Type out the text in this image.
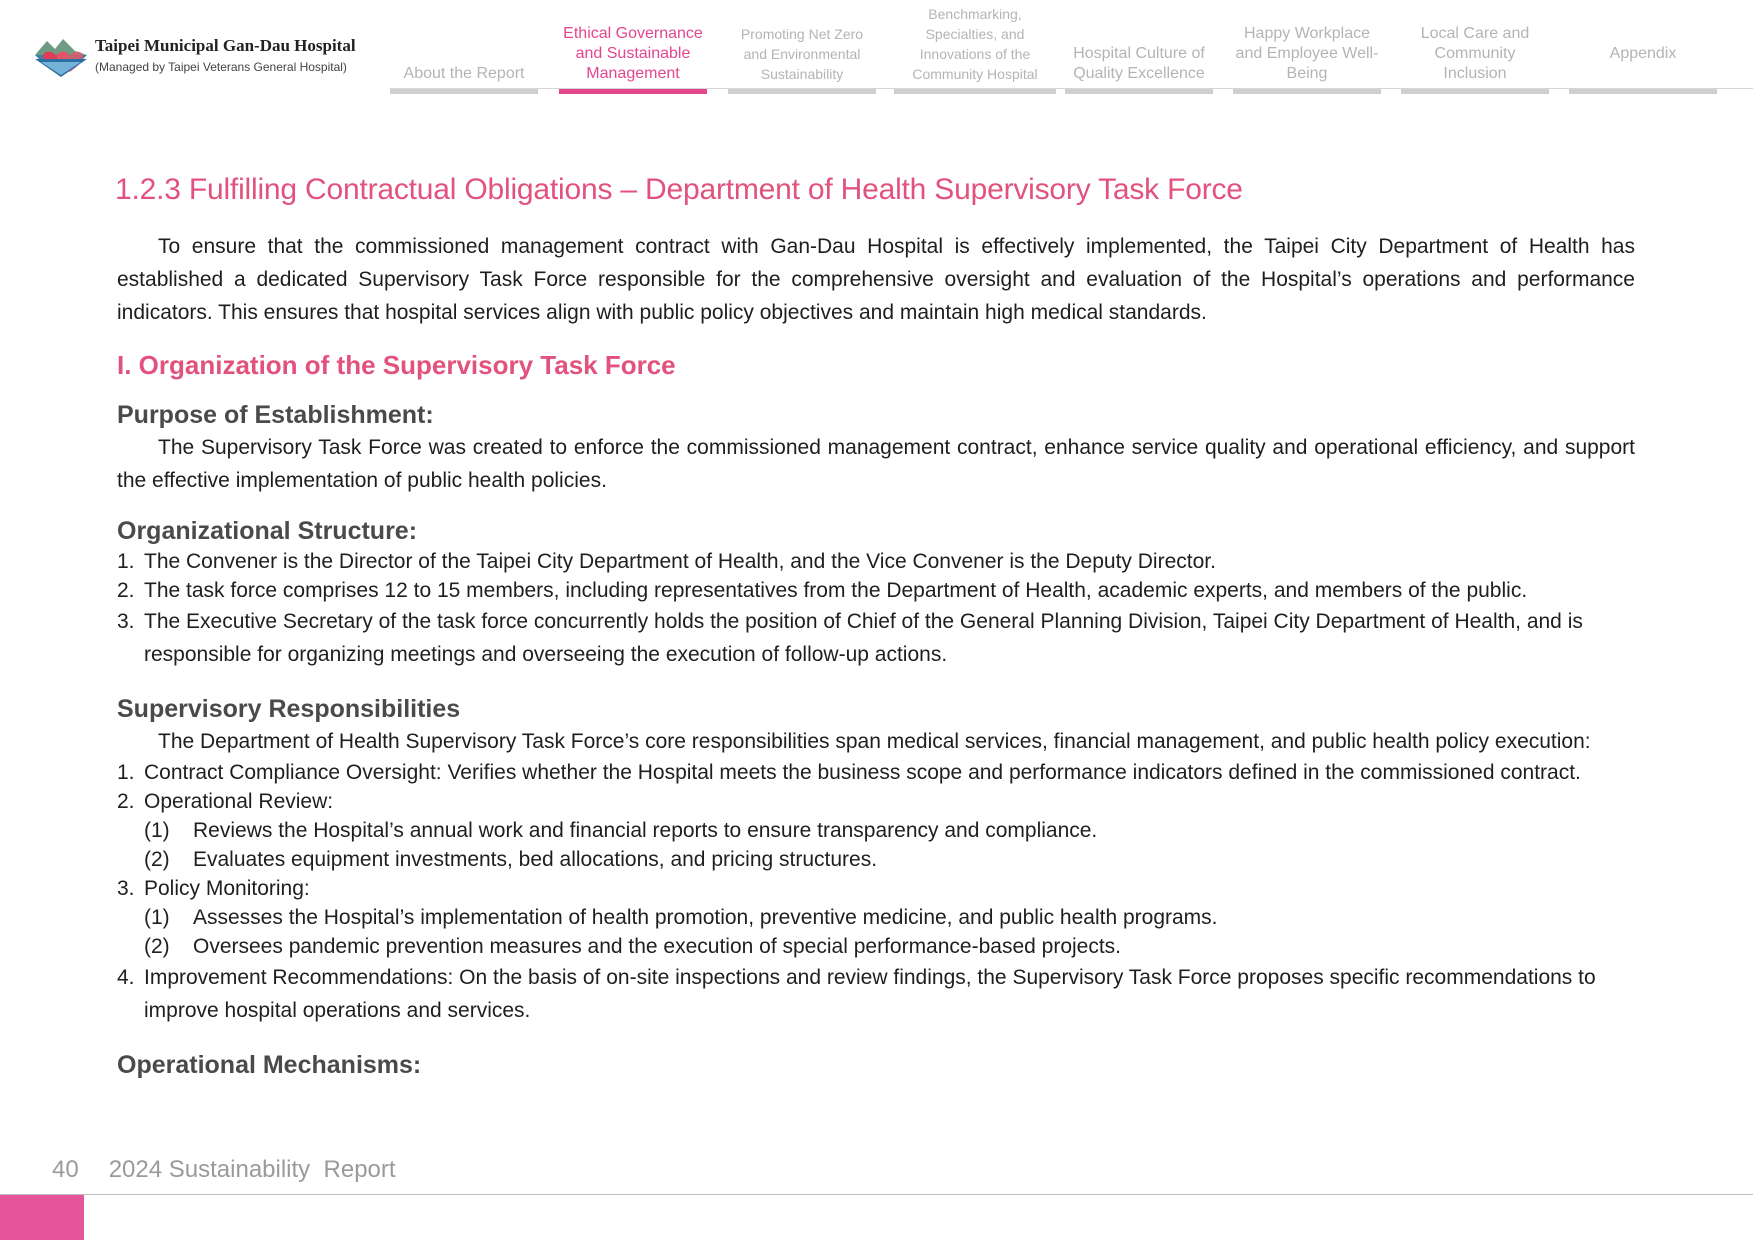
Taipei Municipal Gan-Dau Hospital
(Managed by Taipei Veterans General Hospital)	About the Report
Ethical Governance and Sustainable Management
Promoting Net Zero and Environmental Sustainability
Benchmarking, Specialties, and Innovations of the Community Hospital
Hospital Culture of Quality Excellence
Happy Workplace and Employee Well-Being
Local Care and Community Inclusion
Appendix
1.2.3 Fulfilling Contractual Obligations – Department of Health Supervisory Task Force

To ensure that the commissioned management contract with Gan-Dau Hospital is effectively implemented, the Taipei City Department of Health has established a dedicated Supervisory Task Force responsible for the comprehensive oversight and evaluation of the Hospital’s operations and performance indicators. This ensures that hospital services align with public policy objectives and maintain high medical standards.

I. Organization of the Supervisory Task Force
Purpose of Establishment:

The Supervisory Task Force was created to enforce the commissioned management contract, enhance service quality and operational efficiency, and support the effective implementation of public health policies.

Organizational Structure:
1. The Convener is the Director of the Taipei City Department of Health, and the Vice Convener is the Deputy Director.
2. The task force comprises 12 to 15 members, including representatives from the Department of Health, academic experts, and members of the public.
3. The Executive Secretary of the task force concurrently holds the position of Chief of the General Planning Division, Taipei City Department of Health, and is responsible for organizing meetings and overseeing the execution of follow-up actions.
Supervisory Responsibilities

The Department of Health Supervisory Task Force’s core responsibilities span medical services, financial management, and public health policy execution:

1. Contract Compliance Oversight: Verifies whether the Hospital meets the business scope and performance indicators defined in the commissioned contract.
2. Operational Review:
(1) Reviews the Hospital’s annual work and financial reports to ensure transparency and compliance.
(2) Evaluates equipment investments, bed allocations, and pricing structures.
3. Policy Monitoring:
(1) Assesses the Hospital’s implementation of health promotion, preventive medicine, and public health programs.
(2) Oversees pandemic prevention measures and the execution of special performance-based projects.
4. Improvement Recommendations: On the basis of on-site inspections and review findings, the Supervisory Task Force proposes specific recommendations to improve hospital operations and services.
Operational Mechanisms:
40 2024 Sustainability  Report
